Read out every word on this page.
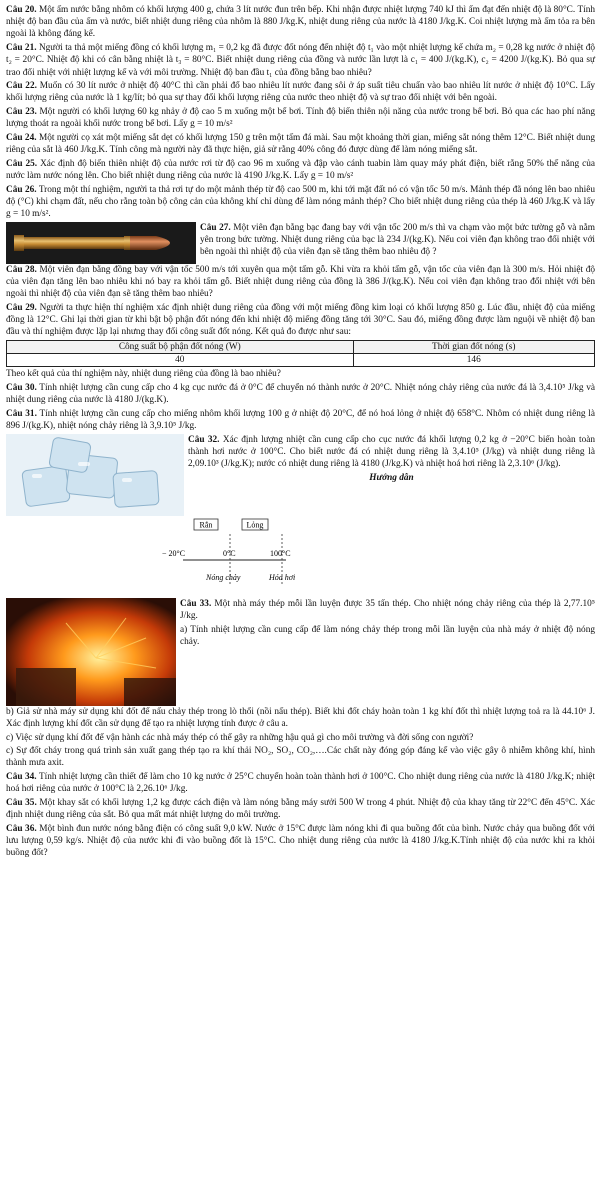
Câu 20. Một ấm nước bằng nhôm có khối lượng 400 g, chứa 3 lít nước đun trên bếp. Khi nhận được nhiệt lượng 740 kJ thì ấm đạt đến nhiệt độ là 80°C. Tính nhiệt độ ban đầu của ấm và nước, biết nhiệt dung riêng của nhôm là 880 J/kg.K, nhiệt dung riêng của nước là 4180 J/kg.K. Coi nhiệt lượng mà ấm tỏa ra bên ngoài là không đáng kể.

Câu 21. Người ta thả một miếng đồng có khối lượng m₁ = 0,2 kg đã được đốt nóng đến nhiệt độ t₁ vào một nhiệt lượng kế chứa m₂ = 0,28 kg nước ở nhiệt độ t₂ = 20°C. Nhiệt độ khi có cân bằng nhiệt là t₃ = 80°C. Biết nhiệt dung riêng của đồng và nước lần lượt là c₁ = 400 J/(kg.K), c₂ = 4200 J/(kg.K). Bỏ qua sự trao đổi nhiệt với nhiệt lượng kế và với môi trường. Nhiệt độ ban đầu t₁ của đồng bằng bao nhiêu?

Câu 22. Muốn có 30 lít nước ở nhiệt độ 40°C thì cần phải đổ bao nhiêu lít nước đang sôi ở áp suất tiêu chuẩn vào bao nhiêu lít nước ở nhiệt độ 10°C. Lấy khối lượng riêng của nước là 1 kg/lít; bỏ qua sự thay đổi khối lượng riêng của nước theo nhiệt độ và sự trao đổi nhiệt với bên ngoài.

Câu 23. Một người có khối lượng 60 kg nhảy ở độ cao 5 m xuống một bể bơi. Tính độ biến thiên nội năng của nước trong bể bơi. Bỏ qua các hao phí năng lượng thoát ra ngoài khối nước trong bể bơi. Lấy g = 10 m/s²

Câu 24. Một người cọ xát một miếng sắt dẹt có khối lượng 150 g trên một tấm đá mài. Sau một khoảng thời gian, miếng sắt nóng thêm 12°C. Biết nhiệt dung riêng của sắt là 460 J/kg.K. Tính công mà người này đã thực hiện, giả sử rằng 40% công đó được dùng để làm nóng miếng sắt.

Câu 25. Xác định độ biến thiên nhiệt độ của nước rơi từ độ cao 96 m xuống và đập vào cánh tuabin làm quay máy phát điện, biết rằng 50% thế năng của nước làm nước nóng lên. Cho biết nhiệt dung riêng của nước là 4190 J/kg.K. Lấy g = 10 m/s²

Câu 26. Trong một thí nghiệm, người ta thả rơi tự do một mảnh thép từ độ cao 500 m, khi tới mặt đất nó có vận tốc 50 m/s. Mảnh thép đã nóng lên bao nhiêu độ (°C) khi chạm đất, nếu cho rằng toàn bộ công cản của không khí chỉ dùng để làm nóng mảnh thép? Cho biết nhiệt dung riêng của thép là 460 J/kg.K và lấy g = 10 m/s².

Câu 27. Một viên đạn bằng bạc đang bay với vận tốc 200 m/s thì va chạm vào một bức tường gỗ và nằm yên trong bức tường. Nhiệt dung riêng của bạc là 234 J/(kg.K). Nếu coi viên đạn không trao đổi nhiệt với bên ngoài thì nhiệt độ của viên đạn sẽ tăng thêm bao nhiêu độ ?

Câu 28. Một viên đạn bằng đồng bay với vận tốc 500 m/s tới xuyên qua một tấm gỗ. Khi vừa ra khỏi tấm gỗ, vận tốc của viên đạn là 300 m/s. Hỏi nhiệt độ của viên đạn tăng lên bao nhiêu khi nó bay ra khỏi tấm gỗ. Biết nhiệt dung riêng của đồng là 386 J/(kg.K). Nếu coi viên đạn không trao đổi nhiệt với bên ngoài thì nhiệt độ của viên đạn sẽ tăng thêm bao nhiêu?

Câu 29. Người ta thực hiện thí nghiệm xác định nhiệt dung riêng của đồng với một miếng đồng kim loại có khối lượng 850 g. Lúc đầu, nhiệt độ của miếng đồng là 12°C. Ghi lại thời gian từ khi bật bộ phận đốt nóng đến khi nhiệt độ miếng đồng tăng tới 30°C. Sau đó, miếng đồng được làm nguội về nhiệt độ ban đầu và thí nghiệm được lặp lại nhưng thay đổi công suất đốt nóng. Kết quả đo được như sau:

Công suất bộ phận đốt nóng (W)	Thời gian đốt nóng (s)
40	146

Theo kết quả của thí nghiệm này, nhiệt dung riêng của đồng là bao nhiêu?

Câu 30. Tính nhiệt lượng cần cung cấp cho 4 kg cục nước đá ở 0°C để chuyển nó thành nước ở 20°C. Nhiệt nóng chảy riêng của nước đá là 3,4.10⁵ J/kg và nhiệt dung riêng của nước là 4180 J/(kg.K).

Câu 31. Tính nhiệt lượng cần cung cấp cho miếng nhôm khối lượng 100 g ở nhiệt độ 20°C, để nó hoá lỏng ở nhiệt độ 658°C. Nhôm có nhiệt dung riêng là 896 J/(kg.K), nhiệt nóng chảy riêng là 3,9.10⁵ J/kg.

Câu 32. Xác định lượng nhiệt cần cung cấp cho cục nước đá khối lượng 0,2 kg ở −20°C biến hoàn toàn thành hơi nước ở 100°C. Cho biết nước đá có nhiệt dung riêng là 3,4.10⁵ (J/kg) và nhiệt dung riêng là 2,09.10³ (J/kg.K); nước có nhiệt dung riêng là 4180 (J/kg.K) và nhiệt hoá hơi riêng là 2,3.10⁶ (J/kg).

Hướng dẫn

Rắn	Lỏng
− 20°C	0°C	100°C
Nóng chảy	Hóa hơi

Câu 33. Một nhà máy thép mỗi lần luyện được 35 tấn thép. Cho nhiệt nóng chảy riêng của thép là 2,77.10⁵ J/kg.

a) Tính nhiệt lượng cần cung cấp để làm nóng chảy thép trong mỗi lần luyện của nhà máy ở nhiệt độ nóng chảy.

b) Giả sử nhà máy sử dụng khí đốt để nấu chảy thép trong lò thổi (nồi nấu thép). Biết khi đốt cháy hoàn toàn 1 kg khí đốt thì nhiệt lượng toả ra là 44.10⁶ J. Xác định lượng khí đốt cần sử dụng để tạo ra nhiệt lượng tính được ở câu a.

c) Việc sử dụng khí đốt để vận hành các nhà máy thép có thể gây ra những hậu quả gì cho môi trường và đời sống con người?

c) Sự đốt cháy trong quá trình sản xuất gang thép tạo ra khí thải NO₂, SO₂, CO₂,….Các chất này đóng góp đáng kể vào việc gây ô nhiễm không khí, hình thành mưa axit.

Câu 34. Tính nhiệt lượng cần thiết để làm cho 10 kg nước ở 25°C chuyển hoàn toàn thành hơi ở 100°C. Cho nhiệt dung riêng của nước là 4180 J/kg.K; nhiệt hoá hơi riêng của nước ở 100°C là 2,26.10⁶ J/kg.

Câu 35. Một khay sắt có khối lượng 1,2 kg được cách điện và làm nóng bằng máy sưởi 500 W trong 4 phút. Nhiệt độ của khay tăng từ 22°C đến 45°C. Xác định nhiệt dung riêng của sắt. Bỏ qua mất mát nhiệt lượng do môi trường.

Câu 36. Một bình đun nước nóng bằng điện có công suất 9,0 kW. Nước ở 15°C được làm nóng khi đi qua buồng đốt của bình. Nước chảy qua buồng đốt với lưu lượng 0,59 kg/s. Nhiệt độ của nước khi đi vào buồng đốt là 15°C. Cho nhiệt dung riêng của nước là 4180 J/kg.K.Tính nhiệt độ của nước khi ra khỏi buồng đốt?
